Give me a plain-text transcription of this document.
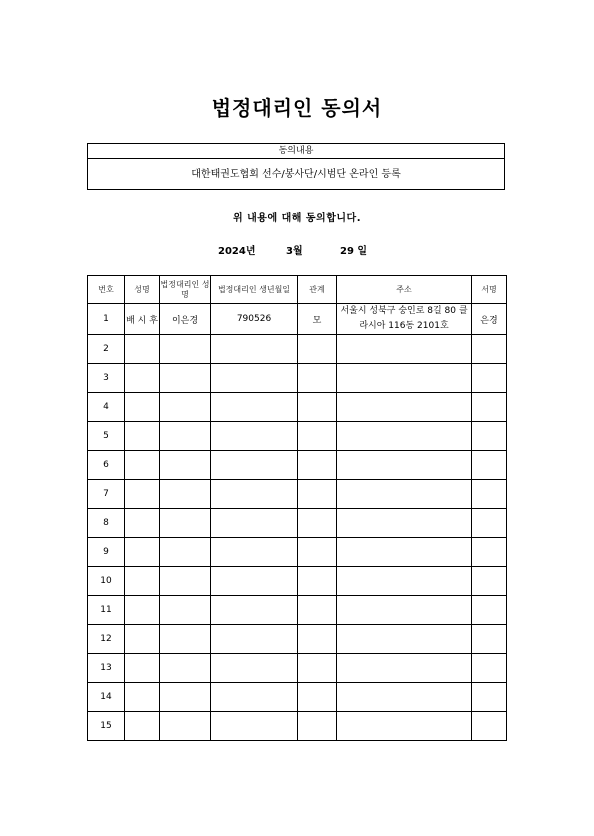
법정대리인 동의서
동의내용
대한태권도협회 선수/봉사단/시범단 온라인 등록
위 내용에 대해 동의합니다.
2024년	3월	29 일
번호	성명	법정대리인 성명	법정대리인 생년월일	관계	주소	서명
1	배 시 후	이은경	790526	모	서울시 성북구 숭인로 8길 80 클라시아 116동 2101호	은경
2						
3						
4						
5						
6						
7						
8						
9						
10						
11						
12						
13						
14						
15						
